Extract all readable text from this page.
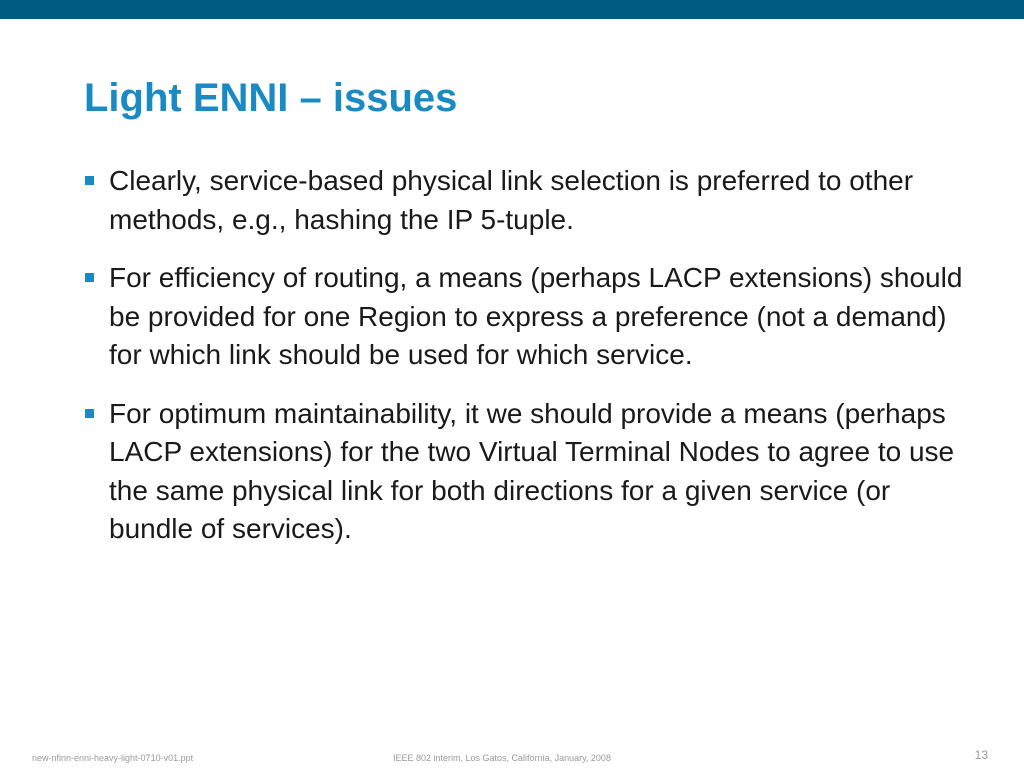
Light ENNI – issues
Clearly, service-based physical link selection is preferred to other methods, e.g., hashing the IP 5-tuple.
For efficiency of routing, a means (perhaps LACP extensions) should be provided for one Region to express a preference (not a demand) for which link should be used for which service.
For optimum maintainability, it we should provide a means (perhaps LACP extensions) for the two Virtual Terminal Nodes to agree to use the same physical link for both directions for a given service (or bundle of services).
new-nfinn-enni-heavy-light-0710-v01.ppt	IEEE 802 interim, Los Gatos, California, January, 2008	13
